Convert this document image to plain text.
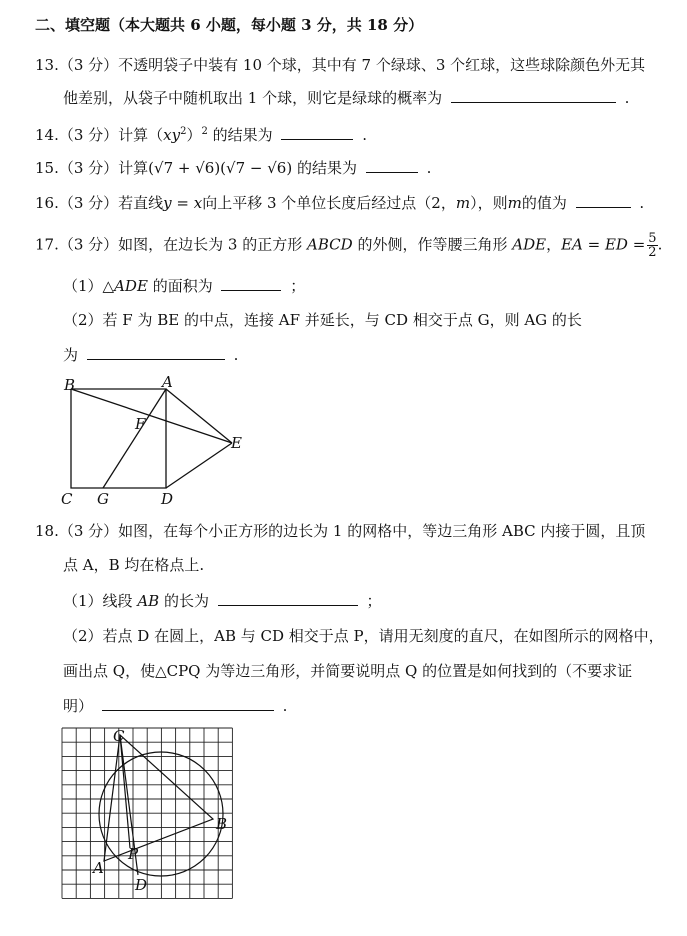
二、填空题（本大题共 6 小题，每小题 3 分，共 18 分）
13.（3 分）不透明袋子中装有 10 个球，其中有 7 个绿球、3 个红球，这些球除颜色外无其
他差别，从袋子中随机取出 1 个球，则它是绿球的概率为	.
14.（3 分）计算$(xy^2)^2$ 的结果为	.
15.（3 分）计算(√7 + √6)(√7 − √6) 的结果为	.
16.（3 分）若直线y = x向上平移 3 个单位长度后经过点（2，m），则m的值为	.
17.（3 分）如图，在边长为 3 的正方形 ABCD 的外侧，作等腰三角形 ADE，EA = ED = $\frac{5}{2}$ .
（1）△ADE 的面积为	；
（2）若 F 为 BE 的中点，连接 AF 并延长，与 CD 相交于点 G，则 AG 的长
为	.
B	A
F
E
C G	D
18.（3 分）如图，在每个小正方形的边长为 1 的网格中，等边三角形 ABC 内接于圆，且顶
点 A，B 均在格点上.
（1）线段 AB 的长为	；
（2）若点 D 在圆上，AB 与 CD 相交于点 P，请用无刻度的直尺，在如图所示的网格中，
画出点 Q，使△CPQ 为等边三角形，并简要说明点 Q 的位置是如何找到的（不要求证
明）	.
C
B
A
P
D
